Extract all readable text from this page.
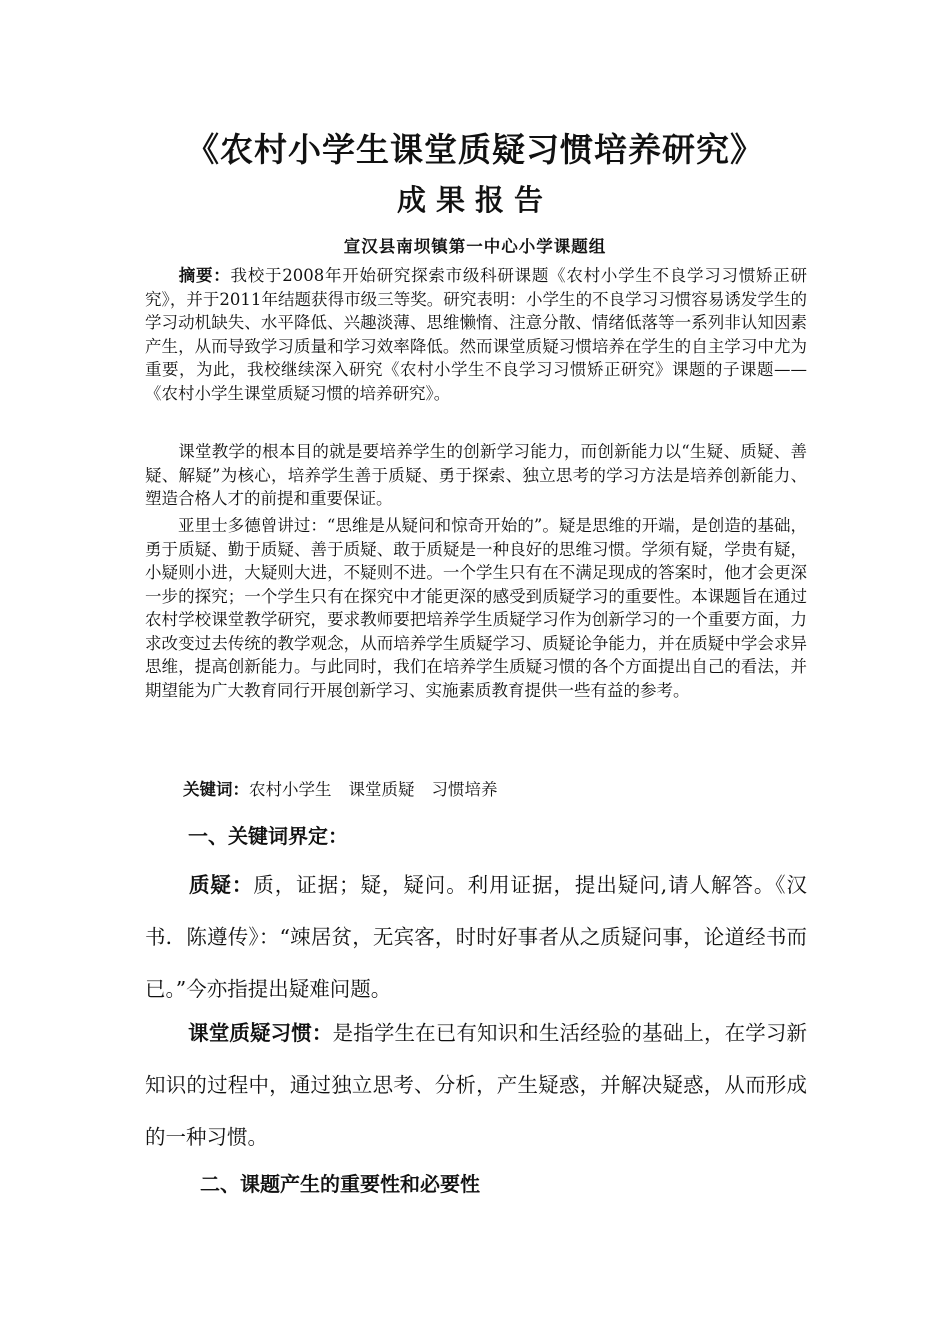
《农村小学生课堂质疑习惯培养研究》
成果报告

宣汉县南坝镇第一中心小学课题组

摘要：我校于2008年开始研究探索市级科研课题《农村小学生不良学习习惯矫正研究》，并于2011年结题获得市级三等奖。研究表明：小学生的不良学习习惯容易诱发学生的学习动机缺失、水平降低、兴趣淡薄、思维懒惰、注意分散、情绪低落等一系列非认知因素产生，从而导致学习质量和学习效率降低。然而课堂质疑习惯培养在学生的自主学习中尤为重要，为此，我校继续深入研究《农村小学生不良学习习惯矫正研究》课题的子课题——《农村小学生课堂质疑习惯的培养研究》。

课堂教学的根本目的就是要培养学生的创新学习能力，而创新能力以“生疑、质疑、善疑、解疑”为核心，培养学生善于质疑、勇于探索、独立思考的学习方法是培养创新能力、塑造合格人才的前提和重要保证。

亚里士多德曾讲过：“思维是从疑问和惊奇开始的”。疑是思维的开端，是创造的基础，勇于质疑、勤于质疑、善于质疑、敢于质疑是一种良好的思维习惯。学须有疑，学贵有疑，小疑则小进，大疑则大进，不疑则不进。一个学生只有在不满足现成的答案时，他才会更深一步的探究；一个学生只有在探究中才能更深的感受到质疑学习的重要性。本课题旨在通过农村学校课堂教学研究，要求教师要把培养学生质疑学习作为创新学习的一个重要方面，力求改变过去传统的教学观念，从而培养学生质疑学习、质疑论争能力，并在质疑中学会求异思维，提高创新能力。与此同时，我们在培养学生质疑习惯的各个方面提出自己的看法，并期望能为广大教育同行开展创新学习、实施素质教育提供一些有益的参考。

关键词：农村小学生 课堂质疑 习惯培养

一、关键词界定：

质疑：质，证据；疑，疑问。利用证据，提出疑问,请人解答。《汉书．陈遵传》：“竦居贫，无宾客，时时好事者从之质疑问事，论道经书而已。”今亦指提出疑难问题。

课堂质疑习惯：是指学生在已有知识和生活经验的基础上，在学习新知识的过程中，通过独立思考、分析，产生疑惑，并解决疑惑，从而形成的一种习惯。

二、课题产生的重要性和必要性
